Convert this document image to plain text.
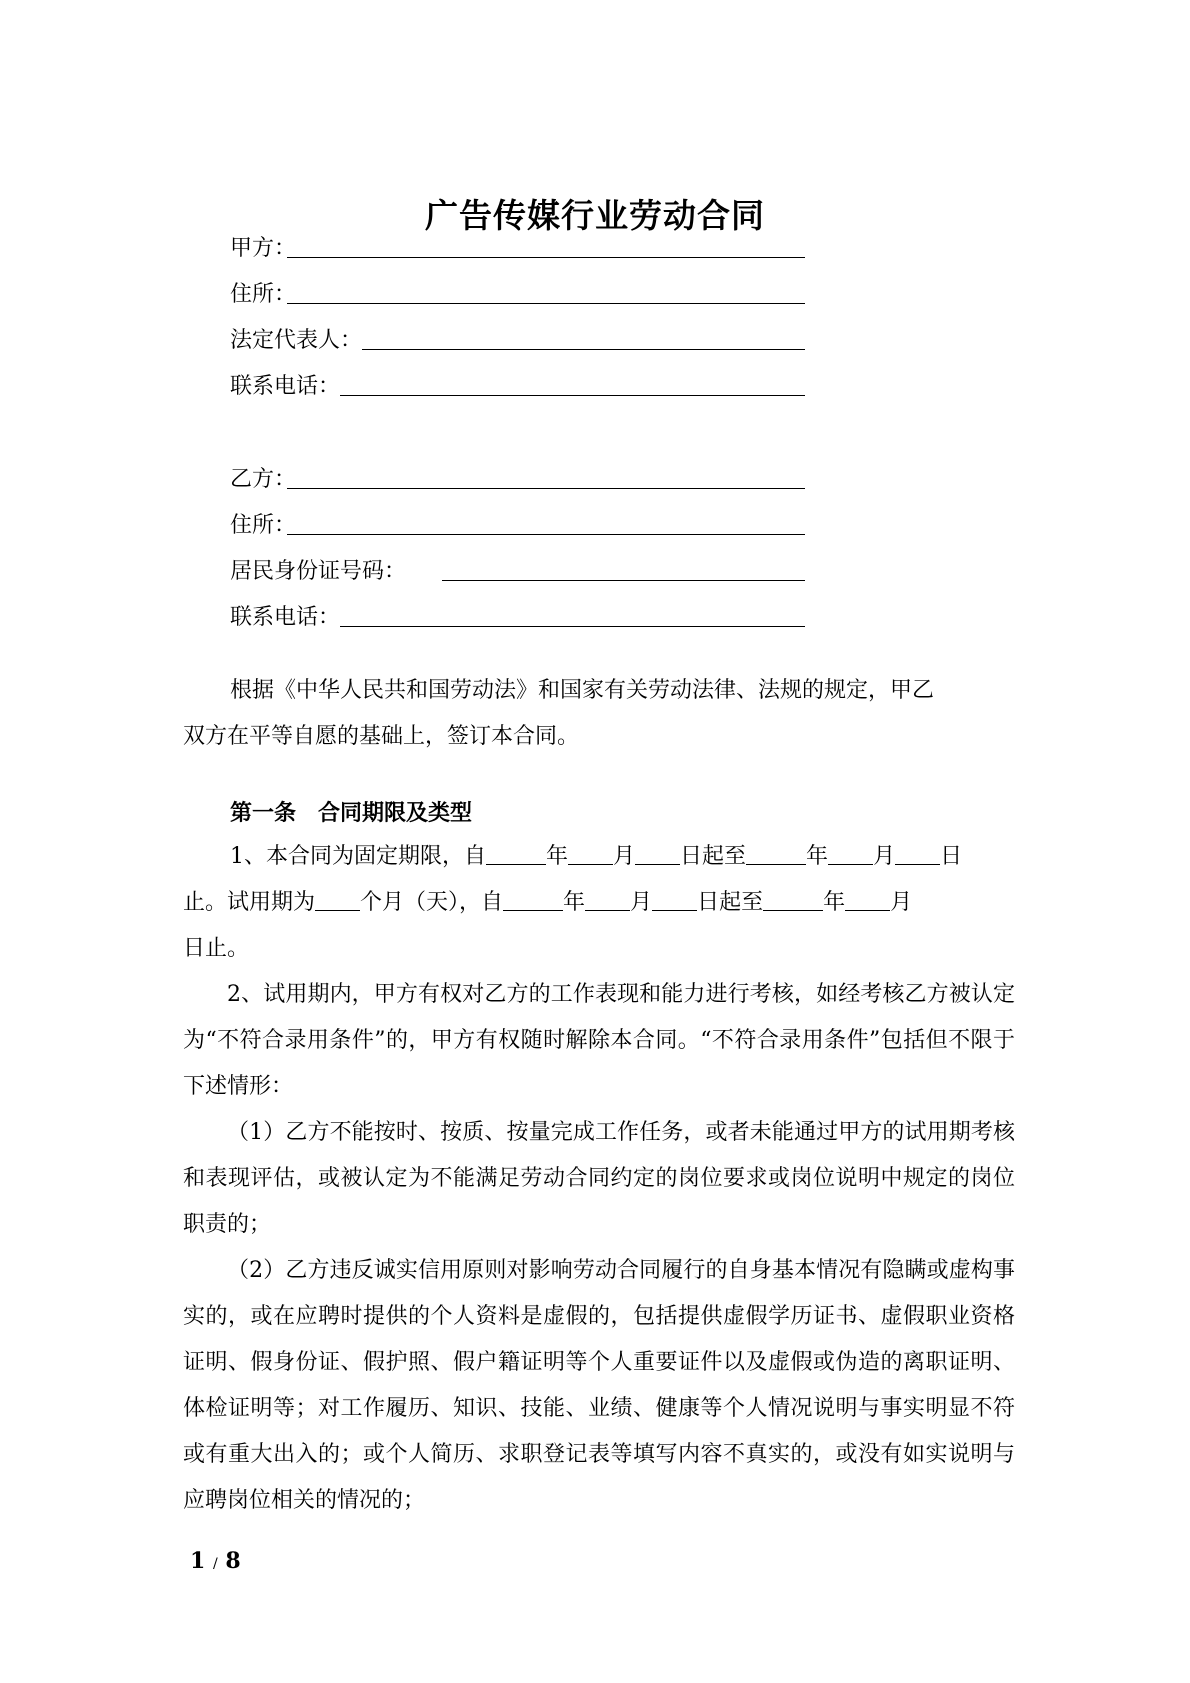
广告传媒行业劳动合同
甲方：
住所：
法定代表人：
联系电话：
乙方：
住所：
居民身份证号码：
联系电话：

根据《中华人民共和国劳动法》和国家有关劳动法律、法规的规定，甲乙
双方在平等自愿的基础上，签订本合同。

第一条 合同期限及类型

1、本合同为固定期限，自	年 月 日起至	年 月 日
止。试用期为 个月（天），自	年 月 日起至	年 月
日止。

2、试用期内，甲方有权对乙方的工作表现和能力进行考核，如经考核乙方被认定为“不符合录用条件”的，甲方有权随时解除本合同。“不符合录用条件”包括但不限于下述情形：

（1）乙方不能按时、按质、按量完成工作任务，或者未能通过甲方的试用期考核和表现评估，或被认定为不能满足劳动合同约定的岗位要求或岗位说明中规定的岗位职责的；

（2）乙方违反诚实信用原则对影响劳动合同履行的自身基本情况有隐瞒或虚构事实的，或在应聘时提供的个人资料是虚假的，包括提供虚假学历证书、虚假职业资格证明、假身份证、假护照、假户籍证明等个人重要证件以及虚假或伪造的离职证明、体检证明等；对工作履历、知识、技能、业绩、健康等个人情况说明与事实明显不符或有重大出入的；或个人简历、求职登记表等填写内容不真实的，或没有如实说明与应聘岗位相关的情况的；

1 / 8
